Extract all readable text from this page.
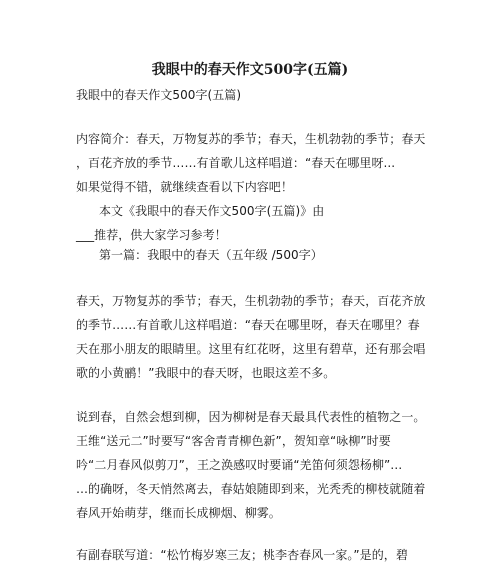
我眼中的春天作文500字(五篇)
我眼中的春天作文500字(五篇)
内容简介：春天，万物复苏的季节；春天，生机勃勃的季节；春天
，百花齐放的季节……有首歌儿这样唱道：“春天在哪里呀...
如果觉得不错，就继续查看以下内容吧！
本文《我眼中的春天作文500字(五篇)》由
___推荐，供大家学习参考！
第一篇：我眼中的春天（五年级 /500字）
春天，万物复苏的季节；春天，生机勃勃的季节；春天，百花齐放
的季节……有首歌儿这样唱道：“春天在哪里呀，春天在哪里？春
天在那小朋友的眼睛里。这里有红花呀，这里有碧草，还有那会唱
歌的小黄鹂！”我眼中的春天呀，也眼这差不多。
说到春，自然会想到柳，因为柳树是春天最具代表性的植物之一。
王维“送元二”时要写“客舍青青柳色新”，贺知章“咏柳”时要
吟“二月春风似剪刀”，王之涣感叹时要诵“羌笛何须怨杨柳”…
…的确呀，冬天悄然离去，春姑娘随即到来，光秃秃的柳枝就随着
春风开始萌芽，继而长成柳烟、柳雾。
有副春联写道：“松竹梅岁寒三友；桃李杏春风一家。”是的，碧
